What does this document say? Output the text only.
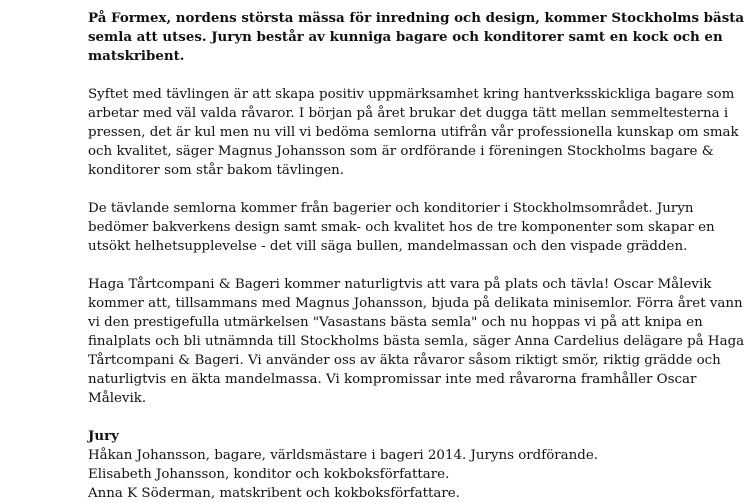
På Formex, nordens största mässa för inredning och design, kommer Stockholms bästa
semla att utses. Juryn består av kunniga bagare och konditorer samt en kock och en
matskribent.

Syftet med tävlingen är att skapa positiv uppmärksamhet kring hantverksskickliga bagare som
arbetar med väl valda råvaror. I början på året brukar det dugga tätt mellan semmeltesterna i
pressen, det är kul men nu vill vi bedöma semlorna utifrån vår professionella kunskap om smak
och kvalitet, säger Magnus Johansson som är ordförande i föreningen Stockholms bagare &
konditorer som står bakom tävlingen.

De tävlande semlorna kommer från bagerier och konditorier i Stockholmsområdet. Juryn
bedömer bakverkens design samt smak- och kvalitet hos de tre komponenter som skapar en
utsökt helhetsupplevelse - det vill säga bullen, mandelmassan och den vispade grädden.

Haga Tårtcompani & Bageri kommer naturligtvis att vara på plats och tävla! Oscar Målevik
kommer att, tillsammans med Magnus Johansson, bjuda på delikata minisemlor. Förra året vann
vi den prestigefulla utmärkelsen "Vasastans bästa semla" och nu hoppas vi på att knipa en
finalplats och bli utnämnda till Stockholms bästa semla, säger Anna Cardelius delägare på Haga
Tårtcompani & Bageri. Vi använder oss av äkta råvaror såsom riktigt smör, riktig grädde och
naturligtvis en äkta mandelmassa. Vi kompromissar inte med råvarorna framhåller Oscar
Målevik.

Jury

Håkan Johansson, bagare, världsmästare i bageri 2014. Juryns ordförande.

Elisabeth Johansson, konditor och kokboksförfattare.

Anna K Söderman, matskribent och kokboksförfattare.
